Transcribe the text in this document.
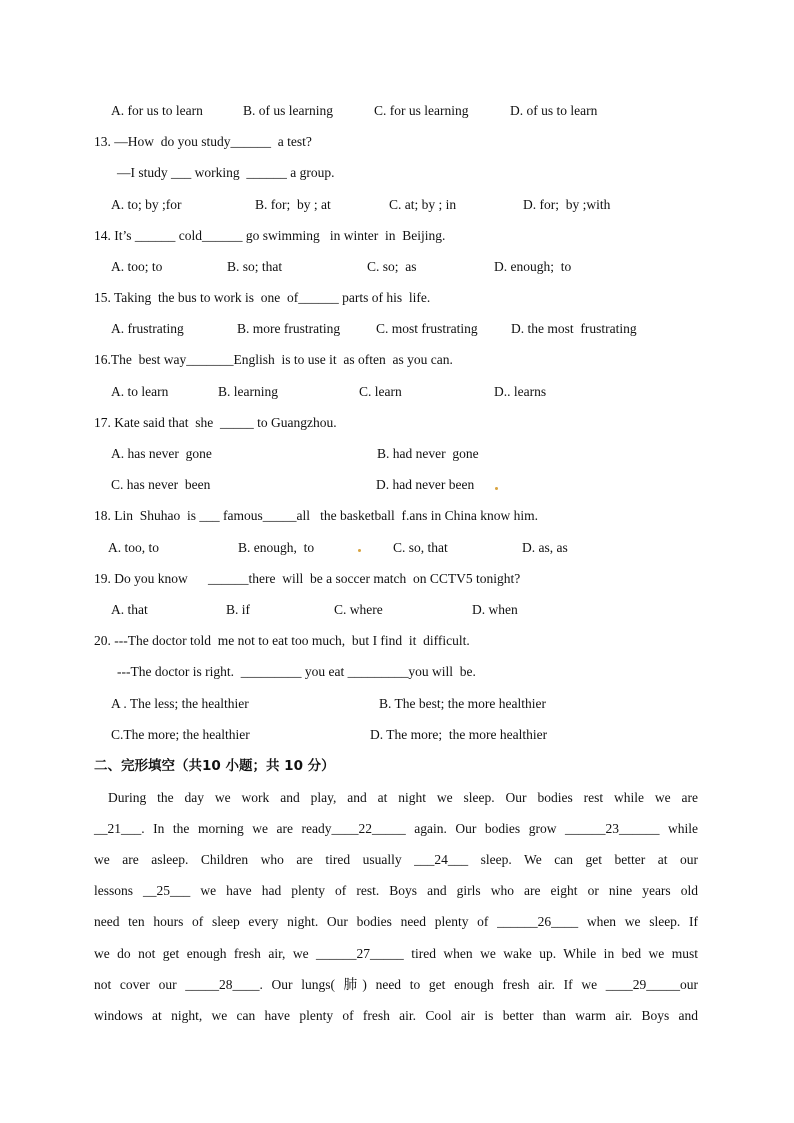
A. for us to learn	B. of us learning	C. for us learning	D. of us to learn
13. —How  do you study______  a test?
—I study ___ working  ______ a group.
A. to; by ;for	B. for;  by ; at	C. at; by ; in	D. for;  by ;with
14. It’s ______ cold______ go swimming   in winter  in  Beijing.
A. too; to	B. so; that	C. so;  as	D. enough;  to
15. Taking  the bus to work is  one  of______ parts of his  life.
A. frustrating	B. more frustrating	C. most frustrating D. the most  frustrating
16.The  best way_______English  is to use it  as often  as you can.
A. to learn	B. learning	C. learn	D.. learns
17. Kate said that  she  _____ to Guangzhou.
A. has never  gone	B. had never  gone
C. has never  been	D. had never been
18. Lin  Shuhao  is ___ famous_____all   the basketball  f.ans in China know him.
A. too, to	B. enough,  to	C. so, that	D. as, as
19. Do you know      ______there  will  be a soccer match  on CCTV5 tonight?
A. that	B. if	C. where	D. when
20. ---The doctor told  me not to eat too much,  but I find  it  difficult.
---The doctor is right.  _________ you eat _________you will  be.
A . The less; the healthier	B. The best; the more healthier
C.The more; the healthier	D. The more;  the more healthier
二、完形填空（共10 小题；共 10 分）
During the day we work and play, and at night we sleep. Our bodies rest while we are
__21___. In the morning we are ready____22_____ again. Our bodies grow ______23______ while
we are asleep. Children who are tired usually ___24___ sleep. We can get better at our
lessons __25___ we have had plenty of rest. Boys and girls who are eight or nine years old
need ten hours of sleep every night. Our bodies need plenty of ______26____ when we sleep. If
we do not get enough fresh air, we ______27_____ tired when we wake up. While in bed we must
not cover our _____28____. Our lungs( 肺) need to get enough fresh air. If we ____29_____our
windows at night, we can have plenty of fresh air. Cool air is better than warm air. Boys and
